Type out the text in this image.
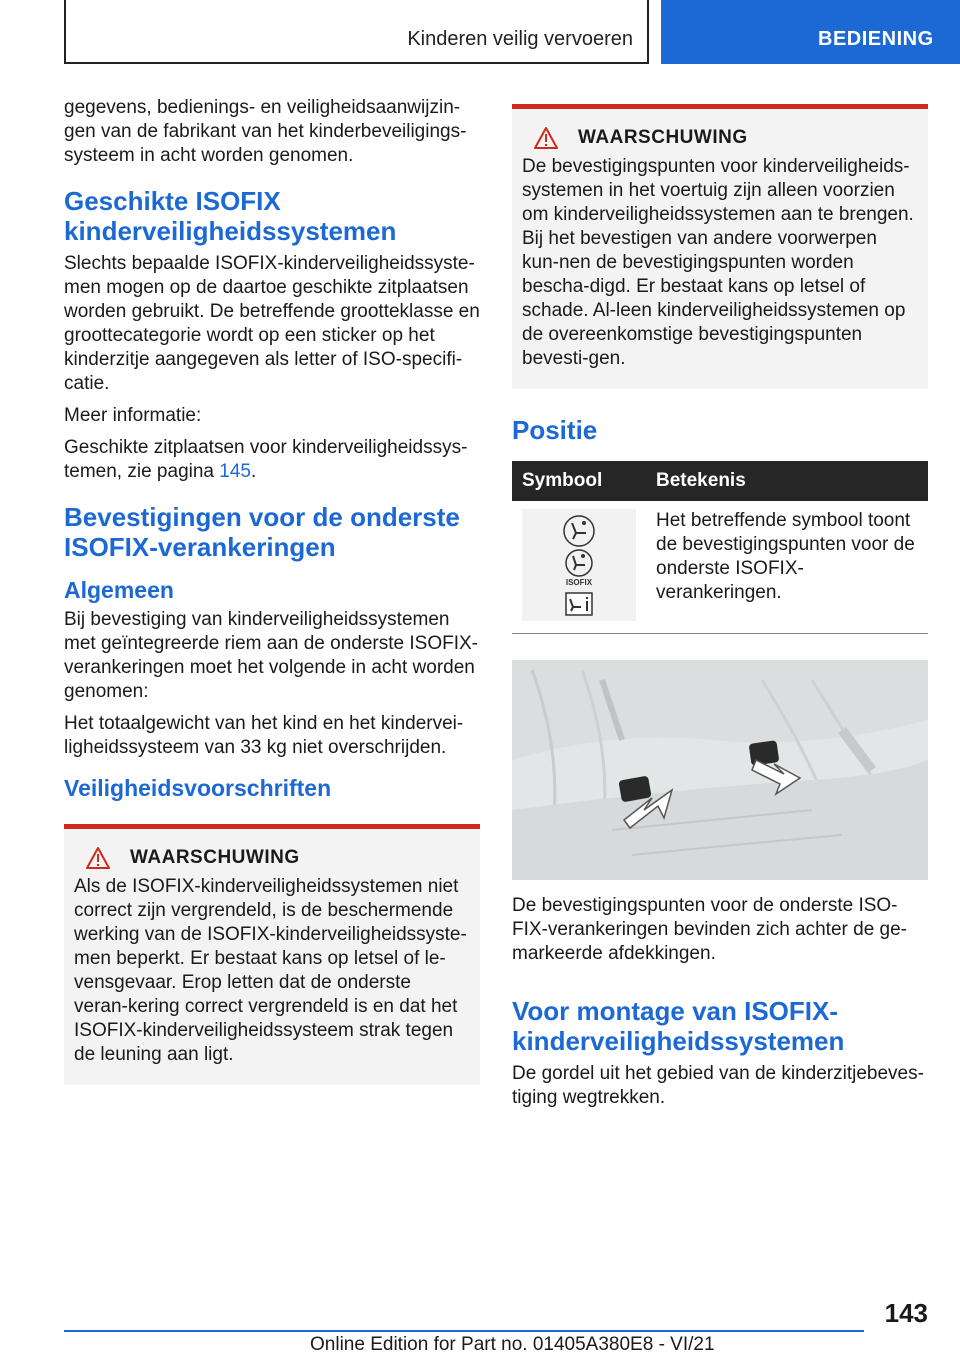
Kinderen veilig vervoeren	BEDIENING

gegevens, bedienings- en veiligheidsaanwijzin-gen van de fabrikant van het kinderbeveiligings-systeem in acht worden genomen.

Geschikte ISOFIX kinderveiligheidssystemen

Slechts bepaalde ISOFIX-kinderveiligheidssyste-men mogen op de daartoe geschikte zitplaatsen worden gebruikt. De betreffende grootteklasse en groottecategorie wordt op een sticker op het kinderzitje aangegeven als letter of ISO-specifi-catie.

Meer informatie:

Geschikte zitplaatsen voor kinderveiligheidssys-temen, zie pagina 145.

Bevestigingen voor de onderste ISOFIX-verankeringen
Algemeen

Bij bevestiging van kinderveiligheidssystemen met geïntegreerde riem aan de onderste ISOFIX-verankeringen moet het volgende in acht worden genomen:

Het totaalgewicht van het kind en het kindervei-ligheidssysteem van 33 kg niet overschrijden.

Veiligheidsvoorschriften
WAARSCHUWING

Als de ISOFIX-kinderveiligheidssystemen niet correct zijn vergrendeld, is de beschermende werking van de ISOFIX-kinderveiligheidssyste-men beperkt. Er bestaat kans op letsel of le-vensgevaar. Erop letten dat de onderste veran-kering correct vergrendeld is en dat het ISOFIX-kinderveiligheidssysteem strak tegen de leuning aan ligt.

WAARSCHUWING

De bevestigingspunten voor kinderveiligheids-systemen in het voertuig zijn alleen voorzien om kinderveiligheidssystemen aan te brengen. Bij het bevestigen van andere voorwerpen kun-nen de bevestigingspunten worden bescha-digd. Er bestaat kans op letsel of schade. Al-leen kinderveiligheidssystemen op de overeenkomstige bevestigingspunten bevesti-gen.

Positie
Symbool	Betekenis

ISOFIX	Het betreffende symbool toont de bevestigingspunten voor de onderste ISOFIX-verankeringen.

De bevestigingspunten voor de onderste ISO-FIX-verankeringen bevinden zich achter de ge-markeerde afdekkingen.

Voor montage van ISOFIX-kinderveiligheidssystemen

De gordel uit het gebied van de kinderzitjebeves-tiging wegtrekken.

143
Online Edition for Part no. 01405A380E8 - VI/21
